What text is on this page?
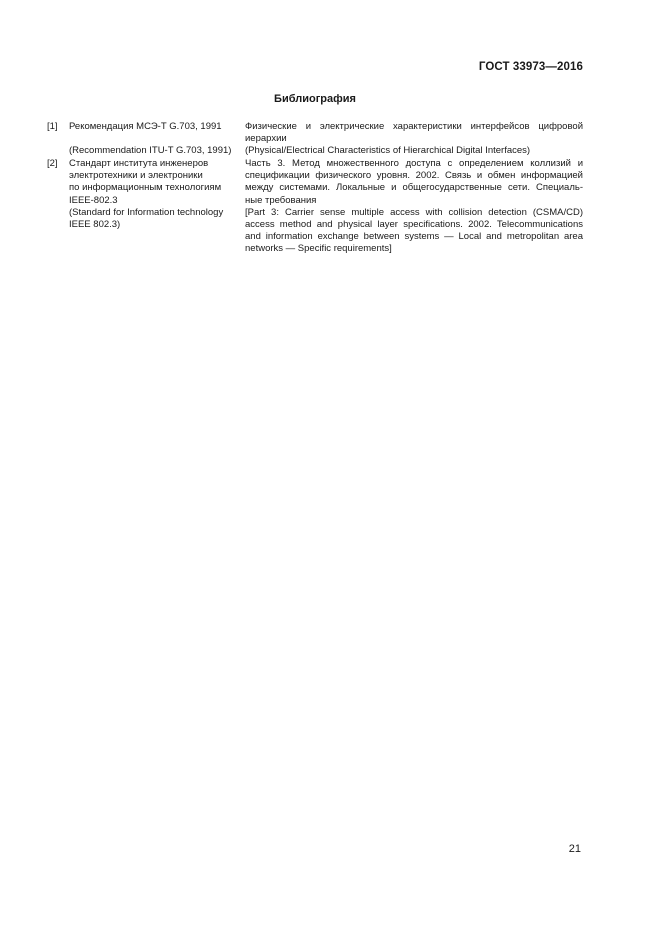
ГОСТ 33973—2016
Библиография
[1] Рекомендация МСЭ-Т G.703, 1991
(Recommendation ITU-T G.703, 1991)
Физические и электрические характеристики интерфейсов цифровой
иерархии
(Physical/Electrical Characteristics of Hierarchical Digital Interfaces)
[2] Стандарт института инженеров
электротехники и электроники
по информационным технологиям
IEEE-802.3
(Standard for Information technology
IEEE 802.3)
Часть 3. Метод множественного доступа с определением коллизий и
спецификации физического уровня. 2002. Связь и обмен информацией
между системами. Локальные и общегосударственные сети. Специаль-
ные требования
[Part 3: Carrier sense multiple access with collision detection (CSMA/CD)
access method and physical layer specifications. 2002. Telecommunications
and information exchange between systems — Local and metropolitan area
networks — Specific requirements]
21
